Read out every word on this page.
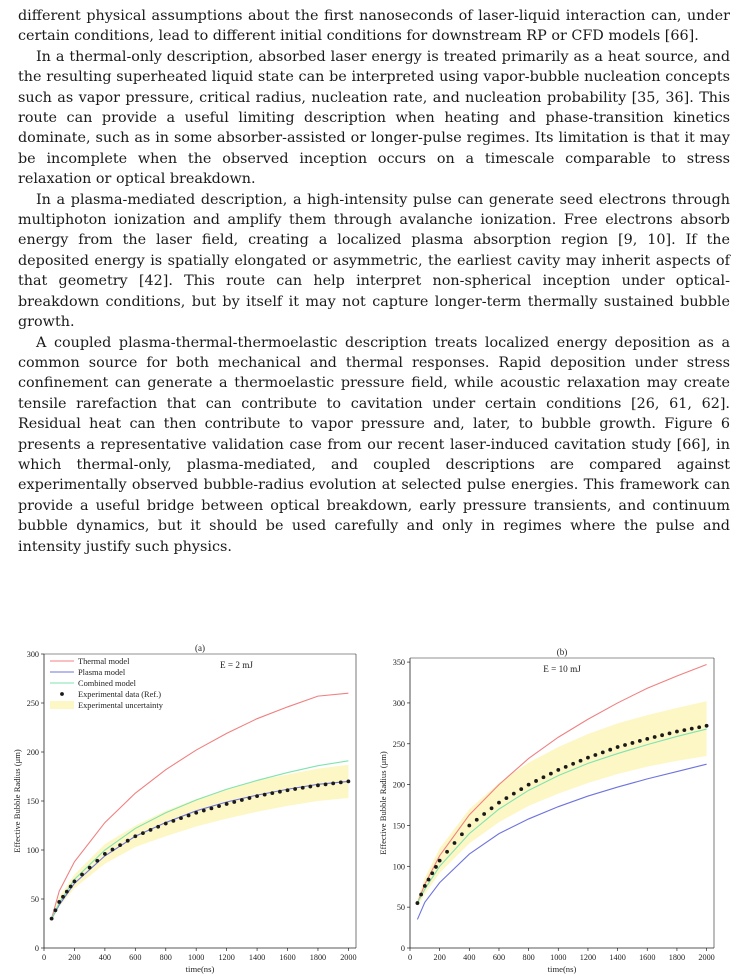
different physical assumptions about the first nanoseconds of laser-liquid interaction can, under certain conditions, lead to different initial conditions for downstream RP or CFD models [66].

In a thermal-only description, absorbed laser energy is treated primarily as a heat source, and the resulting superheated liquid state can be interpreted using vapor-bubble nucleation concepts such as vapor pressure, critical radius, nucleation rate, and nucleation probability [35, 36]. This route can provide a useful limiting description when heating and phase-transition kinetics dominate, such as in some absorber-assisted or longer-pulse regimes. Its limitation is that it may be incomplete when the observed inception occurs on a timescale comparable to stress relaxation or optical breakdown.

In a plasma-mediated description, a high-intensity pulse can generate seed electrons through multiphoton ionization and amplify them through avalanche ionization. Free electrons absorb energy from the laser field, creating a localized plasma absorption region [9, 10]. If the deposited energy is spatially elongated or asymmetric, the earliest cavity may inherit aspects of that geometry [42]. This route can help interpret non-spherical inception under optical-breakdown conditions, but by itself it may not capture longer-term thermally sustained bubble growth.

A coupled plasma-thermal-thermoelastic description treats localized energy deposition as a common source for both mechanical and thermal responses. Rapid deposition under stress confinement can generate a thermoelastic pressure field, while acoustic relaxation may create tensile rarefaction that can contribute to cavitation under certain conditions [26, 61, 62]. Residual heat can then contribute to vapor pressure and, later, to bubble growth. Figure 6 presents a representative validation case from our recent laser-induced cavitation study [66], in which thermal-only, plasma-mediated, and coupled descriptions are compared against experimentally observed bubble-radius evolution at selected pulse energies. This framework can provide a useful bridge between optical breakdown, early pressure transients, and continuum bubble dynamics, but it should be used carefully and only in regimes where the pulse and intensity justify such physics.

0	200 400 600 800 1000 1200 1400 1600 1800 2000
0
50
100
150
200
250
300
time(ns)
Effective Bubble Radius (μm)
(a)
E = 2 mJ
Thermal model
Plasma model
Combined model
Experimental data (Ref.)
Experimental uncertainty
0	200 400 600 800 1000 1200 1400 1600 1800 2000
0
50
100
150
200
250
300
350
time(ns)
Effective Bubble Radius (μm)
(b)
E = 10 mJ
